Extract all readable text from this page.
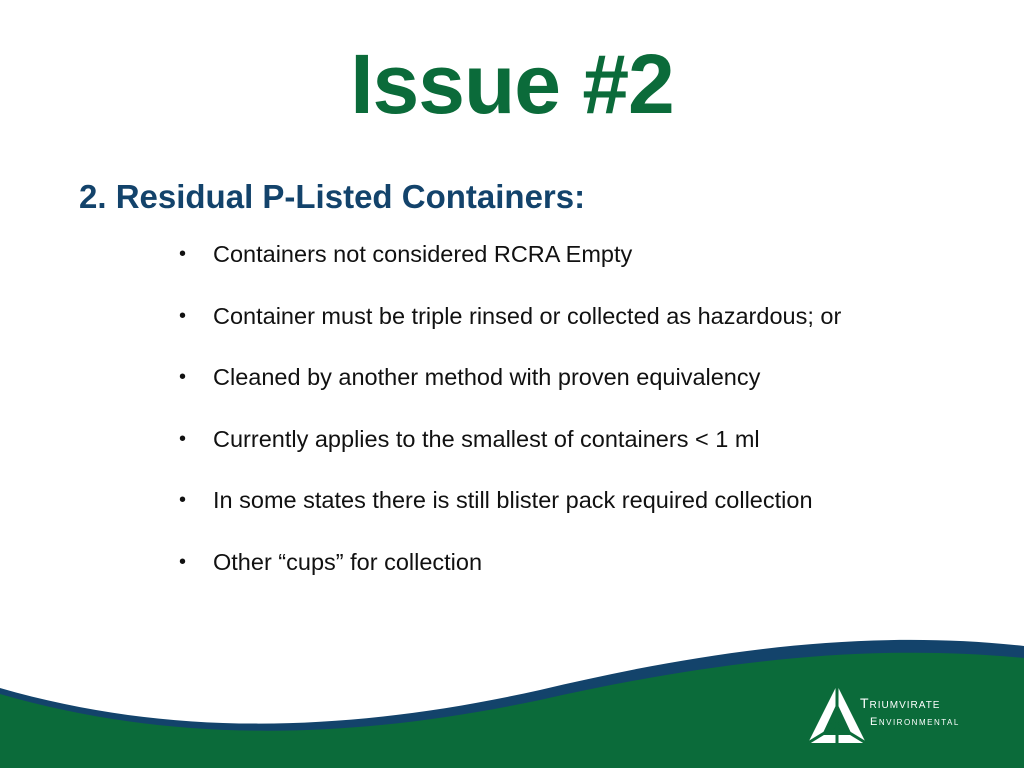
Issue #2
2. Residual P-Listed Containers:
• Containers not considered RCRA Empty
• Container must be triple rinsed or collected as hazardous; or
• Cleaned by another method with proven equivalency
• Currently applies to the smallest of containers < 1 ml
• In some states there is still blister pack required collection
• Other “cups” for collection
Triumvirate
Environmental
